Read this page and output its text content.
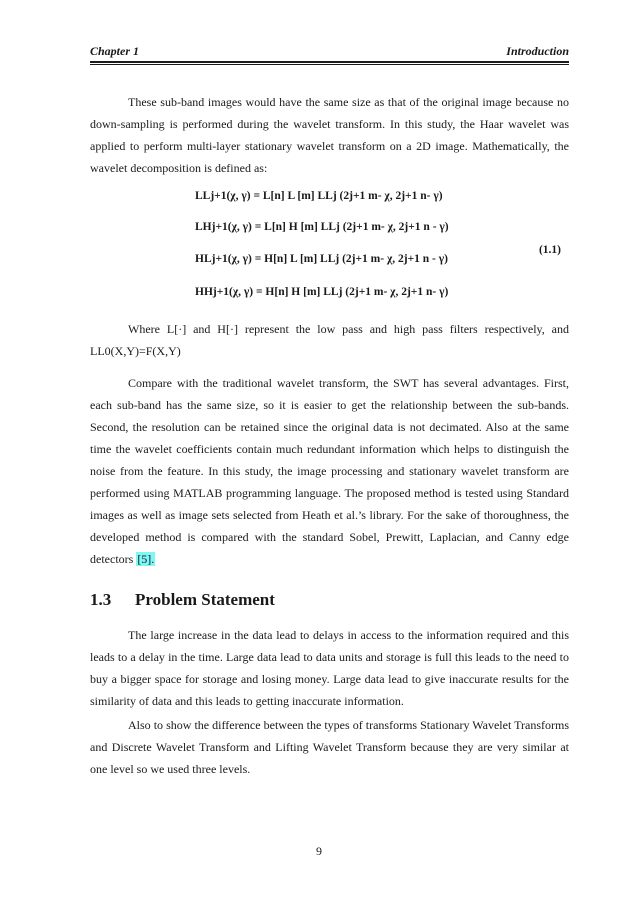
Chapter 1	Introduction

These sub-band images would have the same size as that of the original image because no down-sampling is performed during the wavelet transform. In this study, the Haar wavelet was applied to perform multi-layer stationary wavelet transform on a 2D image. Mathematically, the wavelet decomposition is defined as:

LLj+1(χ, γ) = L[n] L [m] LLj (2j+1 m- χ, 2j+1 n- γ)
LHj+1(χ, γ) = L[n] H [m] LLj (2j+1 m- χ, 2j+1 n - γ)
HLj+1(χ, γ) = H[n] L [m] LLj (2j+1 m- χ, 2j+1 n - γ)
HHj+1(χ, γ) = H[n] H [m] LLj (2j+1 m- χ, 2j+1 n- γ)
(1.1)

Where L[·] and H[·] represent the low pass and high pass filters respectively, and LL0(X,Y)=F(X,Y)

Compare with the traditional wavelet transform, the SWT has several advantages. First, each sub-band has the same size, so it is easier to get the relationship between the sub-bands. Second, the resolution can be retained since the original data is not decimated. Also at the same time the wavelet coefficients contain much redundant information which helps to distinguish the noise from the feature. In this study, the image processing and stationary wavelet transform are performed using MATLAB programming language. The proposed method is tested using Standard images as well as image sets selected from Heath et al.’s library. For the sake of thoroughness, the developed method is compared with the standard Sobel, Prewitt, Laplacian, and Canny edge detectors [5].

1.3 Problem Statement

The large increase in the data lead to delays in access to the information required and this leads to a delay in the time. Large data lead to data units and storage is full this leads to the need to buy a bigger space for storage and losing money. Large data lead to give inaccurate results for the similarity of data and this leads to getting inaccurate information.

Also to show the difference between the types of transforms Stationary Wavelet Transforms and Discrete Wavelet Transform and Lifting Wavelet Transform because they are very similar at one level so we used three levels.

9
